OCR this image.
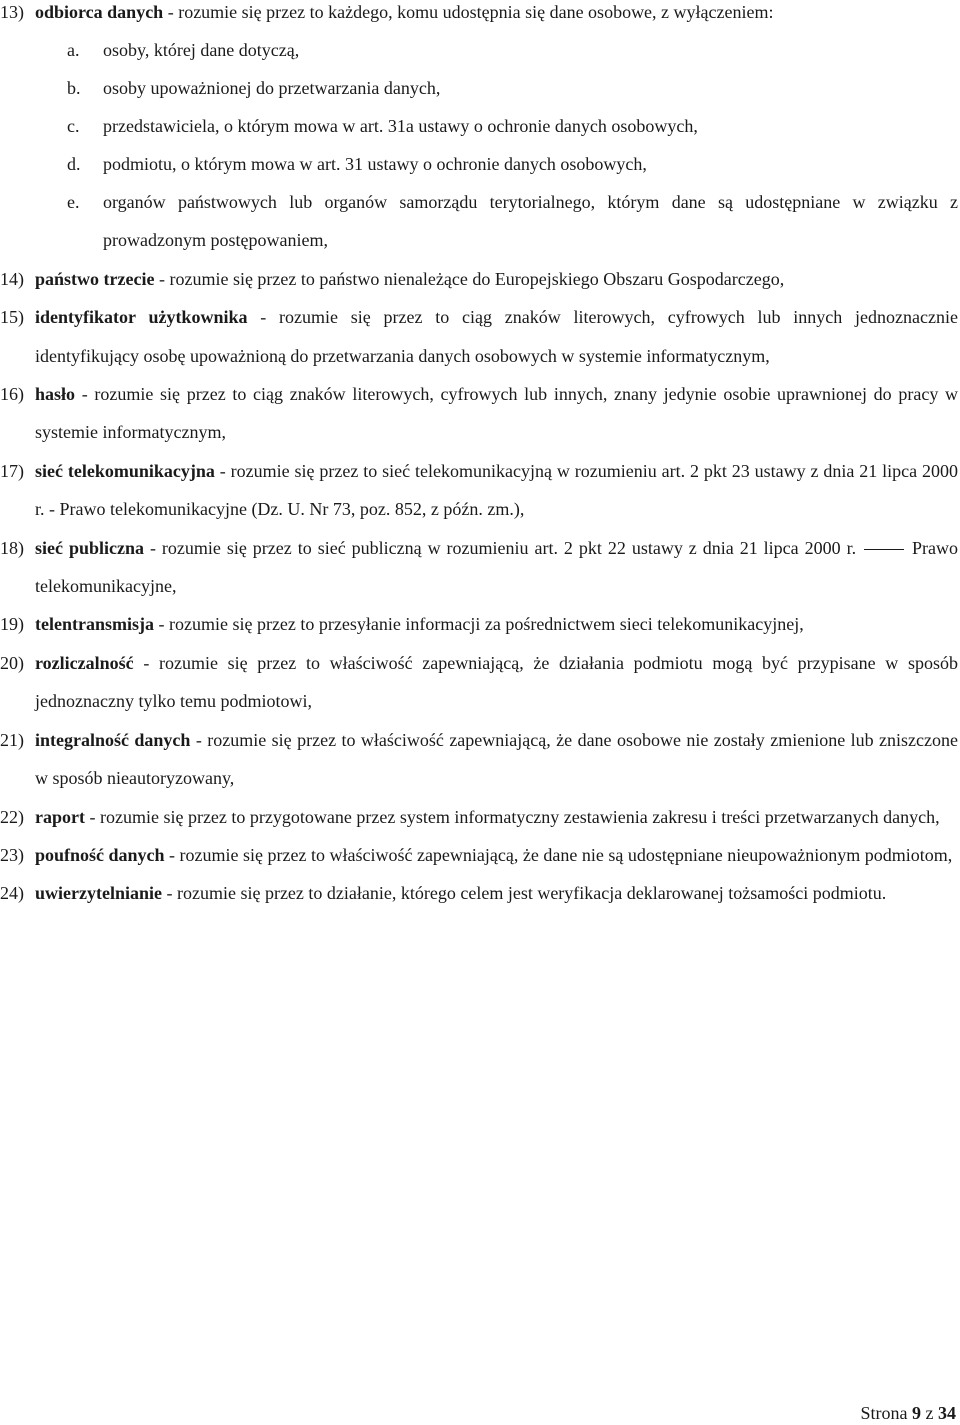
13) odbiorca danych - rozumie się przez to każdego, komu udostępnia się dane osobowe, z wyłączeniem:
a. osoby, której dane dotyczą,
b. osoby upoważnionej do przetwarzania danych,
c. przedstawiciela, o którym mowa w art. 31a ustawy o ochronie danych osobowych,
d. podmiotu, o którym mowa w art. 31 ustawy o ochronie danych osobowych,
e. organów państwowych lub organów samorządu terytorialnego, którym dane są udostępniane w związku z prowadzonym postępowaniem,
14) państwo trzecie - rozumie się przez to państwo nienależące do Europejskiego Obszaru Gospodarczego,
15) identyfikator użytkownika - rozumie się przez to ciąg znaków literowych, cyfrowych lub innych jednoznacznie identyfikujący osobę upoważnioną do przetwarzania danych osobowych w systemie informatycznym,
16) hasło - rozumie się przez to ciąg znaków literowych, cyfrowych lub innych, znany jedynie osobie uprawnionej do pracy w systemie informatycznym,
17) sieć telekomunikacyjna - rozumie się przez to sieć telekomunikacyjną w rozumieniu art. 2 pkt 23 ustawy z dnia 21 lipca 2000 r. - Prawo telekomunikacyjne (Dz. U. Nr 73, poz. 852, z późn. zm.),
18) sieć publiczna - rozumie się przez to sieć publiczną w rozumieniu art. 2 pkt 22 ustawy z dnia 21 lipca 2000 r.	Prawo telekomunikacyjne,
19) telentransmisja - rozumie się przez to przesyłanie informacji za pośrednictwem sieci telekomunikacyjnej,
20) rozliczalność - rozumie się przez to właściwość zapewniającą, że działania podmiotu mogą być przypisane w sposób jednoznaczny tylko temu podmiotowi,
21) integralność danych - rozumie się przez to właściwość zapewniającą, że dane osobowe nie zostały zmienione lub zniszczone w sposób nieautoryzowany,
22) raport - rozumie się przez to przygotowane przez system informatyczny zestawienia zakresu i treści przetwarzanych danych,
23) poufność danych - rozumie się przez to właściwość zapewniającą, że dane nie są udostępniane nieupoważnionym podmiotom,
24) uwierzytelnianie - rozumie się przez to działanie, którego celem jest weryfikacja deklarowanej tożsamości podmiotu.
Strona 9 z 34
